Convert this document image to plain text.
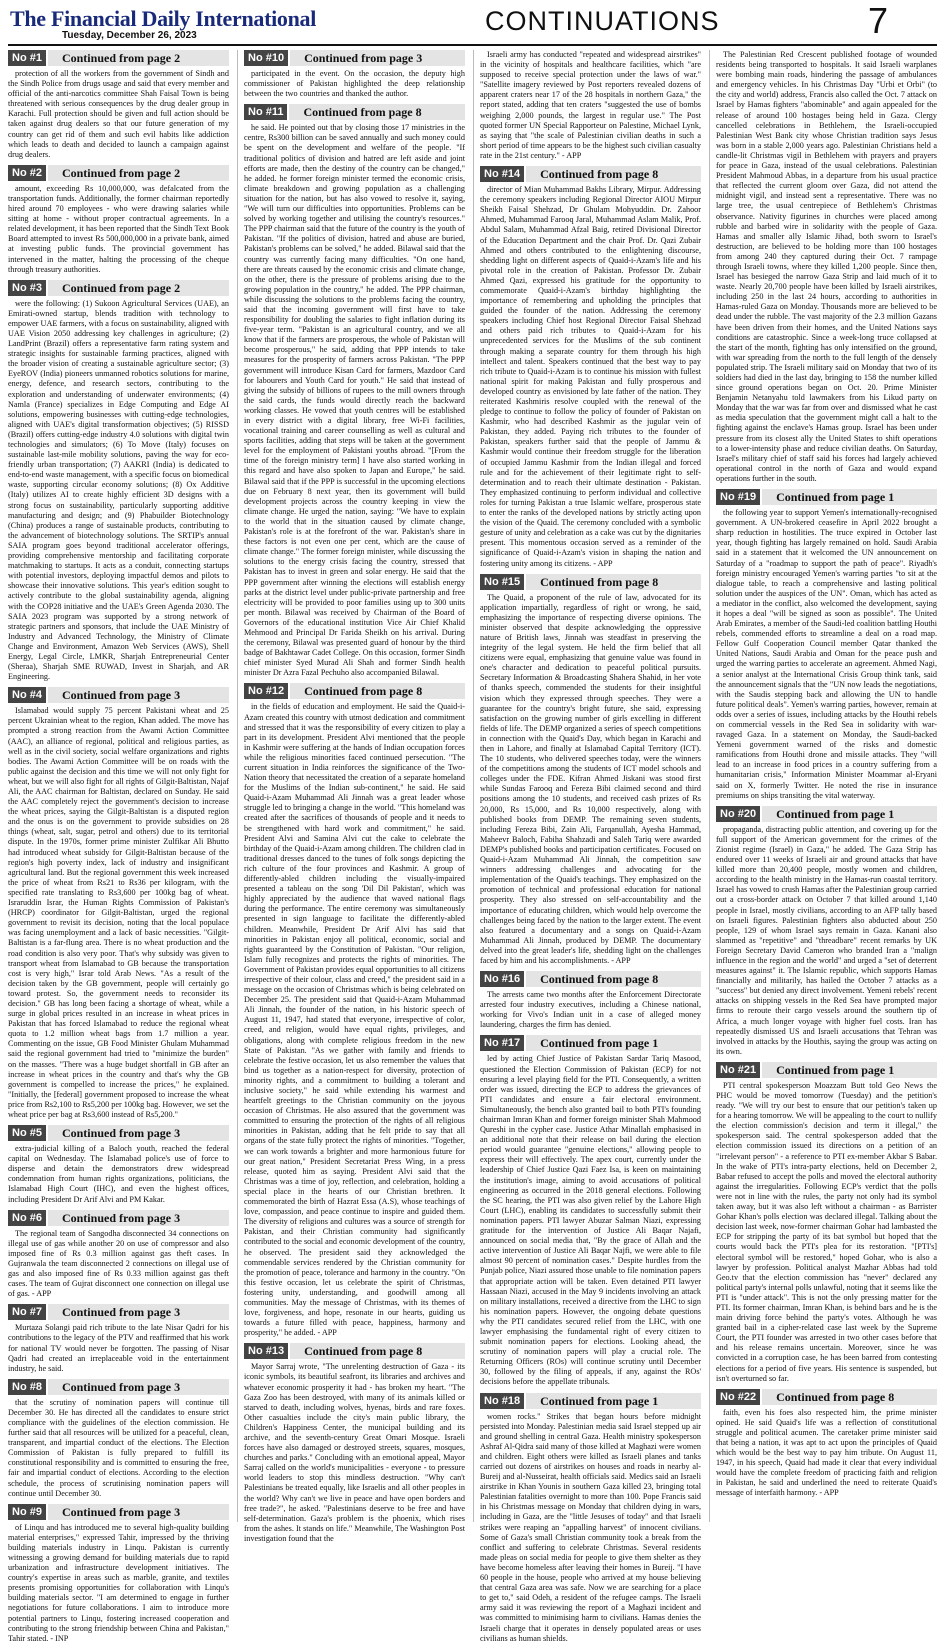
The Financial Daily International
Tuesday, December 26, 2023	CONTINUATIONS	7
No #1	Continued from page 2

protection of all the workers from the government of Sindh and the Sindh Police from drugs usage and said that every member and official of the anti-narcotics committee Shah Faisal Town is being threatened with serious consequences by the drug dealer group in Karachi. Full protection should be given and full action should be taken against drug dealers so that our future generation of my country can get rid of them and such evil habits like addiction which leads to death and decided to launch a campaign against drug dealers.

No #2	Continued from page 2

amount, exceeding Rs 10,000,000, was defalcated from the transportation funds. Additionally, the former chairman reportedly hired around 70 employees - who were drawing salaries while sitting at home - without proper contractual agreements. In a related development, it has been reported that the Sindh Text Book Board attempted to invest Rs 500,000,000 in a private bank, aimed at investing public funds. The provincial government has intervened in the matter, halting the processing of the cheque through treasury authorities.

No #3	Continued from page 2

were the following: (1) Sukoon Agricultural Services (UAE), an Emirati-owned startup, blends tradition with technology to empower UAE farmers, with a focus on sustainability, aligned with UAE Vision 2050 addressing key challenges in agriculture; (2) LandPrint (Brazil) offers a representative farm rating system and strategic insights for sustainable farming practices, aligned with the broader vision of creating a sustainable agriculture sector; (3) EyeROV (India) pioneers unmanned robotics solutions for marine, energy, defence, and research sectors, contributing to the exploration and understanding of underwater environments; (4) Namla (France) specializes in Edge Computing and Edge AI solutions, empowering businesses with cutting-edge technologies, aligned with UAE's digital transformation objectives; (5) RISSD (Brazil) offers cutting-edge industry 4.0 solutions with digital twin technologies and simulators; (6) To Move (Italy) focuses on sustainable last-mile mobility solutions, paving the way for eco-friendly urban transportation; (7) AAKRI (India) is dedicated to end-to-end waste management, with a specific focus on biomedical waste, supporting circular economy solutions; (8) Ox Additive (Italy) utilizes AI to create highly efficient 3D designs with a strong focus on sustainability, particularly supporting additive manufacturing and design; and (9) Phabuilder Biotechnology (China) produces a range of sustainable products, contributing to the advancement of biotechnology solutions. The SRTIP's annual SAIA program goes beyond traditional accelerator offerings, providing comprehensive mentorship and facilitating corporate matchmaking to startups. It acts as a conduit, connecting startups with potential investors, deploying impactful demos and pilots to showcase their innovative solutions. This year's edition sought to actively contribute to the global sustainability agenda, aligning with the COP28 initiative and the UAE's Green Agenda 2030. The SAIA 2023 program was supported by a strong network of strategic partners and sponsors, that include the UAE Ministry of Industry and Advanced Technology, the Ministry of Climate Change and Environment, Amazon Web Services (AWS), Shell Energy, Legal Circle, LMKR, Sharjah Entrepreneurial Center (Sheraa), Sharjah SME RUWAD, Invest in Sharjah, and AR Engineering.

No #4	Continued from page 3

Islamabad would supply 75 percent Pakistani wheat and 25 percent Ukrainian wheat to the region, Khan added. The move has prompted a strong reaction from the Awami Action Committee (AAC), an alliance of regional, political and religious parties, as well as in the civil society, social welfare organizations and rights bodies. The Awami Action Committee will be on roads with the public against the decision and this time we will not only fight for wheat, but we will also fight for all rights of Gilgit-Baltistan, Najaf Ali, the AAC chairman for Baltistan, declared on Sunday. He said the AAC completely reject the government's decision to increase the wheat prices, saying the Gilgit-Baltistan is a disputed region and the onus is on the government to provide subsidies on 28 things (wheat, salt, sugar, petrol and others) due to its territorial dispute. In the 1970s, former prime minister Zulfikar Ali Bhutto had introduced wheat subsidy for Gilgit-Baltistan because of the region's high poverty index, lack of industry and insignificant agricultural land. But the regional government this week increased the price of wheat from Rs21 to Rs36 per kilogram, with the specified rate translating to Rs3,600 per 100kg bag of wheat. Israruddin Israr, the Human Rights Commission of Pakistan's (HRCP) coordinator for Gilgit-Baltistan, urged the regional government to revisit its decision, noting that the local populace was facing unemployment and a lack of basic necessities. "Gilgit-Baltistan is a far-flung area. There is no wheat production and the road condition is also very poor. That's why subsidy was given to transport wheat from Islamabad to GB because the transportation cost is very high," Israr told Arab News. "As a result of the decision taken by the GB government, people will certainly go toward protest. So, the government needs to reconsider its decision." GB has long been facing a shortage of wheat, while a surge in global prices resulted in an increase in wheat prices in Pakistan that has forced Islamabad to reduce the regional wheat quota to 1.2 million wheat bags from 1.7 million a year. Commenting on the issue, GB Food Minister Ghulam Muhammad said the regional government had tried to "minimize the burden" on the masses. "There was a huge budget shortfall in GB after an increase in wheat prices in the country and that's why the GB government is compelled to increase the prices," he explained. "Initially, the [federal] government proposed to increase the wheat price from Rs2,100 to Rs5,200 per 100kg bag. However, we set the wheat price per bag at Rs3,600 instead of Rs5,200."

No #5	Continued from page 3

extra-judicial killing of a Baloch youth, reached the federal capital on Wednesday. The Islamabad police's use of force to disperse and detain the demonstrators drew widespread condemnation from human rights organizations, politicians, the Islamabad High Court (IHC), and even the highest offices, including President Dr Arif Alvi and PM Kakar.

No #6	Continued from page 3

The regional team of Sangodha disconnected 34 connections on illegal use of gas while another 20 on use of compressor and also imposed fine of Rs 0.3 million against gas theft cases. In Gujranwala the team disconnected 2 connections on illegal use of gas and also imposed fine of Rs 0.33 million against gas theft cases. The team of Gujrat disconnect one connection on illegal use of gas. - APP

No #7	Continued from page 3

Murtaza Solangi paid rich tribute to the late Nisar Qadri for his contributions to the legacy of the PTV and reaffirmed that his work for national TV would never be forgotten. The passing of Nisar Qadri had created an irreplaceable void in the entertainment industry, he said.

No #8	Continued from page 3

that the scrutiny of nomination papers will continue till December 30. He has directed all the candidates to ensure strict compliance with the guidelines of the election commission. He further said that all resources will be utilized for a peaceful, clean, transparent, and impartial conduct of the elections. The Election Commission of Pakistan is fully prepared to fulfill its constitutional responsibility and is committed to ensuring the free, fair and impartial conduct of elections. According to the election schedule, the process of scrutinising nomination papers will continue until December 30.

No #9	Continued from page 3

of Linqu and has introduced me to several high-quality building material enterprises," expressed Tahir, impressed by the thriving building materials industry in Linqu. Pakistan is currently witnessing a growing demand for building materials due to rapid urbanization and infrastructure development initiatives. The country's expertise in areas such as marble, granite, and textiles presents promising opportunities for collaboration with Linqu's building materials sector. "I am determined to engage in further negotiations for future collaborations. I aim to introduce more potential partners to Linqu, fostering increased cooperation and contributing to the strong friendship between China and Pakistan," Tahir stated. - INP

No #10	Continued from page 3

participated in the event. On the occasion, the deputy high commissioner of Pakistan highlighted the deep relationship between the two countries and thanked the author.

No #11	Continued from page 8

he said. He pointed out that by closing those 17 ministries in the centre, Rs300 billion can be saved annually and such money could be spent on the development and welfare of the people. "If traditional politics of division and hatred are left aside and joint efforts are made, then the destiny of the country can be changed," he added. he former foreign minister termed the economic crisis, climate breakdown and growing population as a challenging situation for the nation, but has also vowed to resolve it, saying, "We will turn our difficulties into opportunities. Problems can be solved by working together and utilising the country's resources." The PPP chairman said that the future of the country is the youth of Pakistan. "If the politics of division, hatred and abuse are buried, Pakistan's problems can be solved," he added. Bilawal said that the country was currently facing many difficulties. "On one hand, there are threats caused by the economic crisis and climate change, on the other, there is the pressure of problems arising due to the growing population in the country," he added. The PPP chairman, while discussing the solutions to the problems facing the country, said that the incoming government will first have to take responsibility for doubling the salaries to fight inflation during its five-year term. "Pakistan is an agricultural country, and we all know that if the farmers are prosperous, the whole of Pakistan will become prosperous," he said, adding that PPP intends to take measures for the prosperity of farmers across Pakistan. "The PPP government will introduce Kisan Card for farmers, Mazdoor Card for labourers and Youth Card for youth." He said that instead of giving the subsidy of billions of rupees to the mill owners through the said cards, the funds would directly reach the backward working classes. He vowed that youth centres will be established in every district with a digital library, free Wi-Fi facilities, vocational training and career counselling as well as cultural and sports facilities, adding that steps will be taken at the government level for the employment of Pakistani youths abroad. "[From the time of the foreign ministry term] I have also started working in this regard and have also spoken to Japan and Europe," he said. Bilawal said that if the PPP is successful in the upcoming elections due on February 8 next year, then its government will build development projects across the country keeping in view the climate change. He urged the nation, saying: "We have to explain to the world that in the situation caused by climate change, Pakistan's role is at the forefront of the war. Pakistan's share in these factors is not even one per cent, which are the cause of climate change." The former foreign minister, while discussing the solutions to the energy crisis facing the country, stressed that Pakistan has to invest in green and solar energy. He said that the PPP government after winning the elections will establish energy parks at the district level under public-private partnership and free electricity will be provided to poor families using up to 300 units per month. Bilawal was received by Chairman of the Board of Governors of the educational institution Vice Air Chief Khalid Mehmood and Principal Dr Farida Sheikh on his arrival. During the ceremony, Bilawal was presented guard of honour by the third badge of Bakhtawar Cadet College. On this occasion, former Sindh chief minister Syed Murad Ali Shah and former Sindh health minister Dr Azra Fazal Pechuho also accompanied Bilawal.

No #12	Continued from page 8

in the fields of education and employment. He said the Quaid-i-Azam created this country with utmost dedication and commitment and stressed that it was the responsibility of every citizen to play a part in its development. President Alvi mentioned that the people in Kashmir were suffering at the hands of Indian occupation forces while the religious minorities faced continued persecution. "The current situation in India reinforces the significance of the Two-Nation theory that necessitated the creation of a separate homeland for the Muslims of the Indian sub-continent," he said. He said Quaid-i-Azam Muhammad Ali Jinnah was a great leader whose struggle led to bringing a change in the world. "This homeland was created after the sacrifices of thousands of people and it needs to be strengthened with hard work and commitment," he said. President Alvi and Samina Alvi cut the cake to celebrate the birthday of the Quaid-i-Azam among children. The children clad in traditional dresses danced to the tunes of folk songs depicting the rich culture of the four provinces and Kashmir. A group of differently-abled children including the visually-impaired presented a tableau on the song 'Dil Dil Pakistan', which was highly appreciated by the audience that waved national flags during the performance. The entire ceremony was simultaneously presented in sign language to facilitate the differently-abled children. Meanwhile, President Dr Arif Alvi has said that minorities in Pakistan enjoy all political, economic, social and rights guaranteed by the Constitution of Pakistan. "Our religion, Islam fully recognizes and protects the rights of minorities. The Government of Pakistan provides equal opportunities to all citizens irrespective of their colour, class and creed," the president said in a message on the occasion of Christmas which is being celebrated on December 25. The president said that Quaid-i-Azam Muhammad Ali Jinnah, the founder of the nation, in his historic speech of August 11, 1947, had stated that everyone, irrespective of color, creed, and religion, would have equal rights, privileges, and obligations, along with complete religious freedom in the new State of Pakistan. "As we gather with family and friends to celebrate the festive occasion, let us also remember the values that bind us together as a nation-respect for diversity, protection of minority rights, and a commitment to building a tolerant and inclusive society," he said while extending his warmest and heartfelt greetings to the Christian community on the joyous occasion of Christmas. He also assured that the government was committed to ensuring the protection of the rights of all religious minorities in Pakistan, adding that he felt pride to say that all organs of the state fully protect the rights of minorities. "Together, we can work towards a brighter and more harmonious future for our great nation," President Secretariat Press Wing, in a press release, quoted him as saying. President Alvi said that the Christmas was a time of joy, reflection, and celebration, holding a special place in the hearts of our Christian brethren. It commemorated the birth of Hazrat Essa (A.S), whose teachings of love, compassion, and peace continue to inspire and guided them. The diversity of religions and cultures was a source of strength for Pakistan, and their Christian community had significantly contributed to the social and economic development of the country, he observed. The president said they acknowledged the commendable services rendered by the Christian community for the promotion of peace, tolerance and harmony in the country. "On this festive occasion, let us celebrate the spirit of Christmas, fostering unity, understanding, and goodwill among all communities. May the message of Christmas, with its themes of love, forgiveness, and hope, resonate in our hearts, guiding us towards a future filled with peace, happiness, harmony and prosperity," he added. - APP

No #13	Continued from page 8

Mayor Sarraj wrote, "The unrelenting destruction of Gaza - its iconic symbols, its beautiful seafront, its libraries and archives and whatever economic prosperity it had - has broken my heart. "The Gaza Zoo has been destroyed, with many of its animals killed or starved to death, including wolves, hyenas, birds and rare foxes. Other casualties include the city's main public library, the Children's Happiness Center, the municipal building and its archive, and the seventh-century Great Omari Mosque. Israeli forces have also damaged or destroyed streets, squares, mosques, churches and parks." Concluding with an emotional appeal, Mayor Sarraj called on the world's municipalities - everyone - to pressure world leaders to stop this mindless destruction. "Why can't Palestinians be treated equally, like Israelis and all other peoples in the world? Why can't we live in peace and have open borders and free trade?", he asked. "Palestinians deserve to be free and have self-determination. Gaza's problem is the phoenix, which rises from the ashes. It stands on life." Meanwhile, The Washington Post investigation found that the

Israeli army has conducted "repeated and widespread airstrikes" in the vicinity of hospitals and healthcare facilities, which "are supposed to receive special protection under the laws of war." "Satellite imagery reviewed by Post reporters revealed dozens of apparent craters near 17 of the 28 hospitals in northern Gaza," the report stated, adding that ten craters "suggested the use of bombs weighing 2,000 pounds, the largest in regular use." The Post quoted former UN Special Rapporteur on Palestine, Michael Lynk, as saying that "the scale of Palestinian civilian deaths in such a short period of time appears to be the highest such civilian casualty rate in the 21st century." - APP

No #14	Continued from page 8

director of Mian Muhammad Bakhs Library, Mirpur. Addressing the ceremony speakers including Regional Director AIOU Mirpur Sheikh Faisal Shehzad, Dr Ghulam Mohyuddin. Dr. Zahoor Ahmed, Muhammad Farooq Jaral, Muhammad Aslam Malik, Prof. Abdul Salam, Muhammad Afzal Baig, retired Divisional Director of the Education Department and the chair Prof. Dr. Qazi Zubair Ahmed and others contributed to the enlightening discourse, shedding light on different aspects of Quaid-i-Azam's life and his pivotal role in the creation of Pakistan. Professor Dr. Zubair Ahmed Qazi, expressed his gratitude for the opportunity to commemorate Quaid-i-Azam's birthday highlighting the importance of remembering and upholding the principles that guided the founder of the nation. Addressing the ceremony speakers including Chief host Regional Director Faisal Shehzad and others paid rich tributes to Quaid-i-Azam for his unprecedented services for the Muslims of the sub continent through making a separate country for them through his high intellect and talent. Speakers continued that the best way to pay rich tribute to Quaid-i-Azam is to continue his mission with fullest national spirit for making Pakistan and fully prosperous and developed country as envisioned by late father of the nation. They reiterated Kashmiris resolve coupled with the renewal of the pledge to continue to follow the policy of founder of Pakistan on Kashmir, who had described Kashmir as the jugular vein of Pakistan, they added. Paying rich tributes to the founder of Pakistan, speakers further said that the people of Jammu & Kashmir would continue their freedom struggle for the liberation of occupied Jammu Kashmir from the Indian illegal and forced rule and for the achievement of their legitimate right to self-determination and to reach their ultimate destination - Pakistan. They emphasized continuing to perform individual and collective roles for turning Pakistan a true Islamic welfare, prosperous state to enter the ranks of the developed nations by strictly acting upon the vision of the Quaid. The ceremony concluded with a symbolic gesture of unity and celebration as a cake was cut by the dignitaries present. This momentous occasion served as a reminder of the significance of Quaid-i-Azam's vision in shaping the nation and fostering unity among its citizens. - APP

No #15	Continued from page 8

The Quaid, a proponent of the rule of law, advocated for its application impartially, regardless of right or wrong, he said, emphasizing the importance of respecting diverse opinions. The minister observed that despite acknowledging the oppressive nature of British laws, Jinnah was steadfast in preserving the integrity of the legal system. He held the firm belief that all citizens were equal, emphasizing that genuine value was found in one's character and dedication to peaceful political pursuits. Secretary Information & Broadcasting Shahera Shahid, in her vote of thanks speech, commended the students for their insightful vision which they expressed through speeches. They were a guarantee for the country's bright future, she said, expressing satisfaction on the growing number of girls excelling in different fields of life. The DEMP organized a series of speech competitions in connection with the Quaid's Day, which began in Karachi and then in Lahore, and finally at Islamabad Capital Territory (ICT). The 10 students, who delivered speeches today, were the winners of the competitions among the students of ICT model schools and colleges under the FDE. Kifran Ahmed Jiskani was stood first while Sundas Farooq and Fereza Bibi claimed second and third positions among the 10 students, and received cash prizes of Rs 20,000, Rs 15,000, and Rs 10,000 respectively, along with published books from DEMP. The remaining seven students, including Fereza Bibi, Zain Ali, Farqanullah, Ayesha Hammad, Maheevr Baloch, Fabiha Shahzadi and Saleh Tariq were awarded DEMP's published books and participation certificates. Focused on Quaid-i-Azam Muhammad Ali Jinnah, the competition saw winners addressing challenges and advocating for the implementation of the Quaid's teachings. They emphasized on the promotion of technical and professional education for national prosperity. They also stressed on self-accountability and the importance of educating children, which would help overcome the challenges being faced by the nation to the larger extent. The event also featured a documentary and a songs on Quaid-i-Azam Muhammad Ali Jinnah, produced by DEMP. The documentary delved into the great leader's life, shedding light on the challenges faced by him and his accomplishments. - APP

No #16	Continued from page 8

The arrests came two months after the Enforcement Directorate arrested four industry executives, including a Chinese national, working for Vivo's Indian unit in a case of alleged money laundering, charges the firm has denied.

No #17	Continued from page 1

led by acting Chief Justice of Pakistan Sardar Tariq Masood, questioned the Election Commission of Pakistan (ECP) for not ensuring a level playing field for the PTI. Consequently, a written order was issued, directing the ECP to address the grievances of PTI candidates and ensure a fair electoral environment. Simultaneously, the bench also granted bail to both PTI's founding chairman Imran Khan and former foreign minister Shah Mahmood Qureshi in the cypher case. Justice Athar Minallah emphasised in an additional note that their release on bail during the election period would guarantee "genuine elections," allowing people to express their will effectively. The apex court, currently under the leadership of Chief Justice Qazi Faez Isa, is keen on maintaining the institution's image, aiming to avoid accusations of political engineering as occurred in the 2018 general elections. Following the SC hearing, the PTI was also given relief by the Lahore High Court (LHC), enabling its candidates to successfully submit their nomination papers. PTI lawyer Abuzar Salman Niazi, expressing gratitude for the intervention of Justice Ali Baqar Najafi, announced on social media that, "By the grace of Allah and the active intervention of Justice Ali Baqar Najfi, we were able to file almost 90 percent of nomination cases." Despite hurdles from the Punjab police, Niazi assured those unable to file nomination papers that appropriate action will be taken. Even detained PTI lawyer Hassaan Niazi, accused in the May 9 incidents involving an attack on military installations, received a directive from the LHC to sign his nomination papers. However, the ongoing debate questions why the PTI candidates secured relief from the LHC, with one lawyer emphasising the fundamental right of every citizen to submit nomination papers for elections. Looking ahead, the scrutiny of nomination papers will play a crucial role. The Returning Officers (ROs) will continue scrutiny until December 30, followed by the filing of appeals, if any, against the ROs' decisions before the appellate tribunals.

No #18	Continued from page 1

women rocks." Strikes that began hours before midnight persisted into Monday. Palestinian media said Israel stepped up air and ground shelling in central Gaza. Health ministry spokesperson Ashraf Al-Qidra said many of those killed at Maghazi were women and children. Eight others were killed as Israeli planes and tanks carried out dozens of airstrikes on houses and roads in nearby al-Bureij and al-Nusseirat, health officials said. Medics said an Israeli airstrike in Khan Younis in southern Gaza killed 23, bringing total Palestinian fatalities overnight to more than 100. Pope Francis said in his Christmas message on Monday that children dying in wars, including in Gaza, are the "little Jesuses of today" and that Israeli strikes were reaping an "appalling harvest" of innocent civilians. Some of Gaza's small Christian community took a break from the conflict and suffering to celebrate Christmas. Several residents made pleas on social media for people to give them shelter as they have become homeless after leaving their homes in Bureij. "I have 60 people in the house, people who arrived at my house believing that central Gaza area was safe. Now we are searching for a place to get to," said Odeh, a resident of the refugee camps. The Israeli army said it was reviewing the report of a Maghazi incident and was committed to minimising harm to civilians. Hamas denies the Israeli charge that it operates in densely populated areas or uses civilians as human shields.

The Palestinian Red Crescent published footage of wounded residents being transported to hospitals. It said Israeli warplanes were bombing main roads, hindering the passage of ambulances and emergency vehicles. In his Christmas Day "Urbi et Orbi" (to the city and world) address, Francis also called the Oct. 7 attack on Israel by Hamas fighters "abominable" and again appealed for the release of around 100 hostages being held in Gaza. Clergy cancelled celebrations in Bethlehem, the Israeli-occupied Palestinian West Bank city whose Christian tradition says Jesus was born in a stable 2,000 years ago. Palestinian Christians held a candle-lit Christmas vigil in Bethlehem with prayers and prayers for peace in Gaza, instead of the usual celebrations. Palestinian President Mahmoud Abbas, in a departure from his usual practice that reflected the current gloom over Gaza, did not attend the midnight vigil, and instead sent a representative. There was no large tree, the usual centrepiece of Bethlehem's Christmas observance. Nativity figurines in churches were placed among rubble and barbed wire in solidarity with the people of Gaza. Hamas and smaller ally Islamic Jihad, both sworn to Israel's destruction, are believed to be holding more than 100 hostages from among 240 they captured during their Oct. 7 rampage through Israeli towns, where they killed 1,200 people. Since then, Israel has besieged the narrow Gaza Strip and laid much of it to waste. Nearly 20,700 people have been killed by Israeli airstrikes, including 250 in the last 24 hours, according to authorities in Hamas-ruled Gaza on Monday. Thousands more are believed to be dead under the rubble. The vast majority of the 2.3 million Gazans have been driven from their homes, and the United Nations says conditions are catastrophic. Since a week-long truce collapsed at the start of the month, fighting has only intensified on the ground, with war spreading from the north to the full length of the densely populated strip. The Israeli military said on Monday that two of its soldiers had died in the last day, bringing to 158 the number killed since ground operations began on Oct. 20. Prime Minister Benjamin Netanyahu told lawmakers from his Likud party on Monday that the war was far from over and dismissed what he cast as media speculation that the government might call a halt to the fighting against the enclave's Hamas group. Israel has been under pressure from its closest ally the United States to shift operations to a lower-intensity phase and reduce civilian deaths. On Saturday, Israel's military chief of staff said his forces had largely achieved operational control in the north of Gaza and would expand operations further in the south.

No #19	Continued from page 1

the following year to support Yemen's internationally-recognised government. A UN-brokered ceasefire in April 2022 brought a sharp reduction in hostilities. The truce expired in October last year, though fighting has largely remained on hold. Saudi Arabia said in a statement that it welcomed the UN announcement on Saturday of a "roadmap to support the path of peace". Riyadh's foreign ministry encouraged Yemen's warring parties "to sit at the dialogue table, to reach a comprehensive and lasting political solution under the auspices of the UN". Oman, which has acted as a mediator in the conflict, also welcomed the development, saying it hopes a deal "will be signed as soon as possible". The United Arab Emirates, a member of the Saudi-led coalition battling Houthi rebels, commended efforts to streamline a deal on a road map. Fellow Gulf Cooperation Council member Qatar thanked the United Nations, Saudi Arabia and Oman for the peace push and urged the warring parties to accelerate an agreement. Ahmed Nagi, a senior analyst at the International Crisis Group think tank, said the announcement signals that the "UN now leads the negotiations, with the Saudis stepping back and allowing the UN to handle future political deals". Yemen's warring parties, however, remain at odds over a series of issues, including attacks by the Houthi rebels on commercial vessels in the Red Sea in solidarity with war-ravaged Gaza. In a statement on Monday, the Saudi-backed Yemeni government warned of the risks and domestic ramifications from Houthi drone and missile attacks. They "will lead to an increase in food prices in a country suffering from a humanitarian crisis," Information Minister Moammar al-Eryani said on X, formerly Twitter. He noted the rise in insurance premiums on ships transiting the vital waterway.

No #20	Continued from page 1

propaganda, distracting public attention, and covering up for the full support of the American government for the crimes of the Zionist regime (Israel) in Gaza," he added. The Gaza Strip has endured over 11 weeks of Israeli air and ground attacks that have killed more than 20,400 people, mostly women and children, according to the health ministry in the Hamas-run coastal territory. Israel has vowed to crush Hamas after the Palestinian group carried out a cross-border attack on October 7 that killed around 1,140 people in Israel, mostly civilians, according to an AFP tally based on Israeli figures. Palestinian fighters also abducted about 250 people, 129 of whom Israel says remain in Gaza. Kanani also slammed as "repetitive" and "threadbare" recent remarks by UK Foreign Secretary David Cameron who branded Iran a "malign influence in the region and the world" and urged a "set of deterrent measures against" it. The Islamic republic, which supports Hamas financially and militarily, has hailed the October 7 attacks as a "success" but denied any direct involvement. Yemeni rebels' recent attacks on shipping vessels in the Red Sea have prompted major firms to reroute their cargo vessels around the southern tip of Africa, a much longer voyage with higher fuel costs. Iran has repeatedly dismissed US and Israeli accusations that Tehran was involved in attacks by the Houthis, saying the group was acting on its own.

No #21	Continued from page 1

PTI central spokesperson Moazzam Butt told Geo News the PHC would be moved tomorrow (Tuesday) and the petition's ready. "We will try our best to ensure that our petition's taken up for a hearing tomorrow. We will be appealing to the court to nullify the election commission's decision and term it illegal," the spokesperson said. The central spokesperson added that the election commission issued its directions on a petition of an "irrelevant person" - a reference to PTI ex-member Akbar S Babar. In the wake of PTI's intra-party elections, held on December 2, Babar refused to accept the polls and moved the electoral authority against the irregularities. Following ECP's verdict that the polls were not in line with the rules, the party not only had its symbol taken away, but it was also left without a chairman - as Barrister Gohar Khan's polls election was declared illegal. Talking about the decision last week, now-former chairman Gohar had lambasted the ECP for stripping the party of its bat symbol but hoped that the courts would back the PTI's plea for its restoration. "[PTI's] electoral symbol will be restored," hoped Gohar, who is also a lawyer by profession. Political analyst Mazhar Abbas had told Geo.tv that the election commission has "never" declared any political party's internal polls unlawful, noting that it seems like the PTI is "under attack". This is not the only pressing matter for the PTI. Its former chairman, Imran Khan, is behind bars and he is the main driving force behind the party's votes. Although he was granted bail in a cipher-related case last week by the Supreme Court, the PTI founder was arrested in two other cases before that and his release remains uncertain. Moreover, since he was convicted in a corruption case, he has been barred from contesting elections for a period of five years. His sentence is suspended, but isn't overturned so far.

No #22	Continued from page 8

faith, even his foes also respected him, the prime minister opined. He said Quaid's life was a reflection of constitutional struggle and political acumen. The caretaker prime minister said that being a nation, it was apt to act upon the principles of Quaid which would be the best way to pay him tribute. On August 11, 1947, in his speech, Quaid had made it clear that every individual would have the complete freedom of practicing faith and religion in Pakistan, he said and underlined the need to reiterate Quaid's message of interfaith harmony. - APP
